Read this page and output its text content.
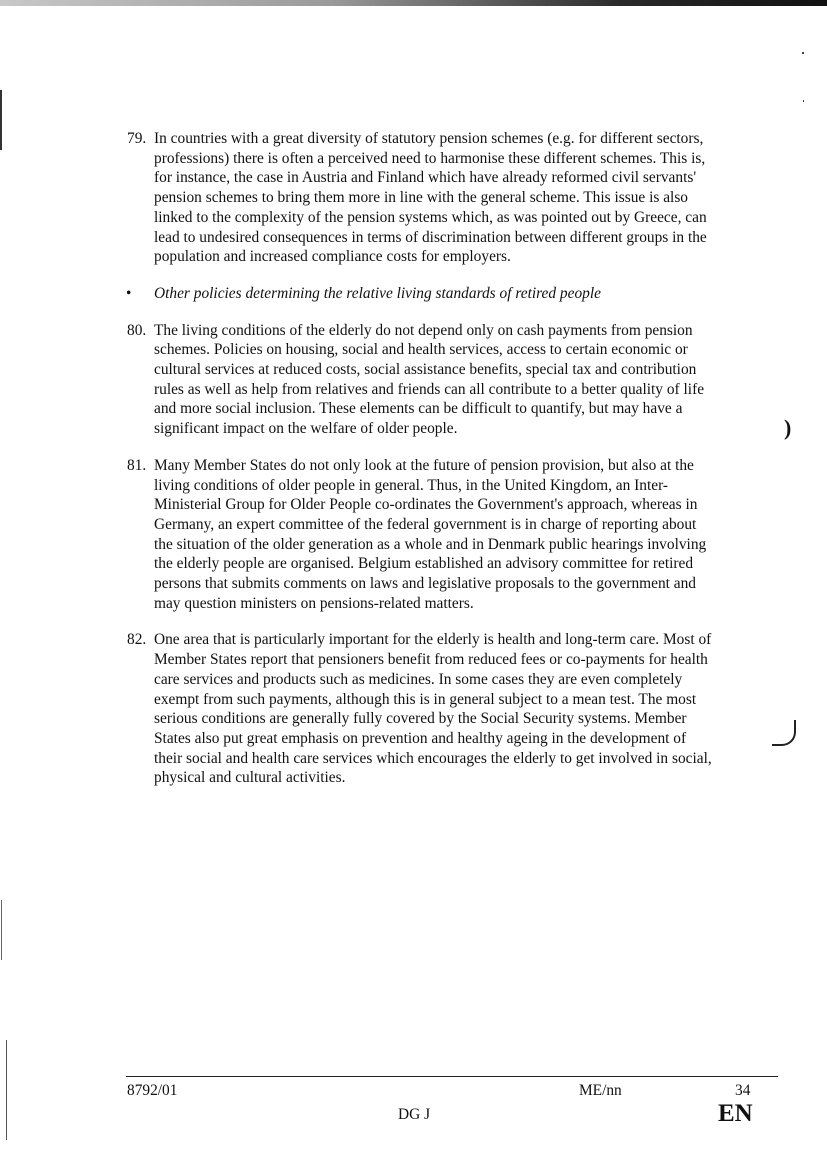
)
79. In countries with a great diversity of statutory pension schemes (e.g. for different sectors, professions) there is often a perceived need to harmonise these different schemes. This is, for instance, the case in Austria and Finland which have already reformed civil servants' pension schemes to bring them more in line with the general scheme. This issue is also linked to the complexity of the pension systems which, as was pointed out by Greece, can lead to undesired consequences in terms of discrimination between different groups in the population and increased compliance costs for employers.
• Other policies determining the relative living standards of retired people
80. The living conditions of the elderly do not depend only on cash payments from pension schemes. Policies on housing, social and health services, access to certain economic or cultural services at reduced costs, social assistance benefits, special tax and contribution rules as well as help from relatives and friends can all contribute to a better quality of life and more social inclusion. These elements can be difficult to quantify, but may have a significant impact on the welfare of older people.
81. Many Member States do not only look at the future of pension provision, but also at the living conditions of older people in general. Thus, in the United Kingdom, an Inter-Ministerial Group for Older People co-ordinates the Government's approach, whereas in Germany, an expert committee of the federal government is in charge of reporting about the situation of the older generation as a whole and in Denmark public hearings involving the elderly people are organised. Belgium established an advisory committee for retired persons that submits comments on laws and legislative proposals to the government and may question ministers on pensions-related matters.
82. One area that is particularly important for the elderly is health and long-term care. Most of Member States report that pensioners benefit from reduced fees or co-payments for health care services and products such as medicines. In some cases they are even completely exempt from such payments, although this is in general subject to a mean test. The most serious conditions are generally fully covered by the Social Security systems. Member States also put great emphasis on prevention and healthy ageing in the development of their social and health care services which encourages the elderly to get involved in social, physical and cultural activities.
8792/01	ME/nn	34
DG J	EN
